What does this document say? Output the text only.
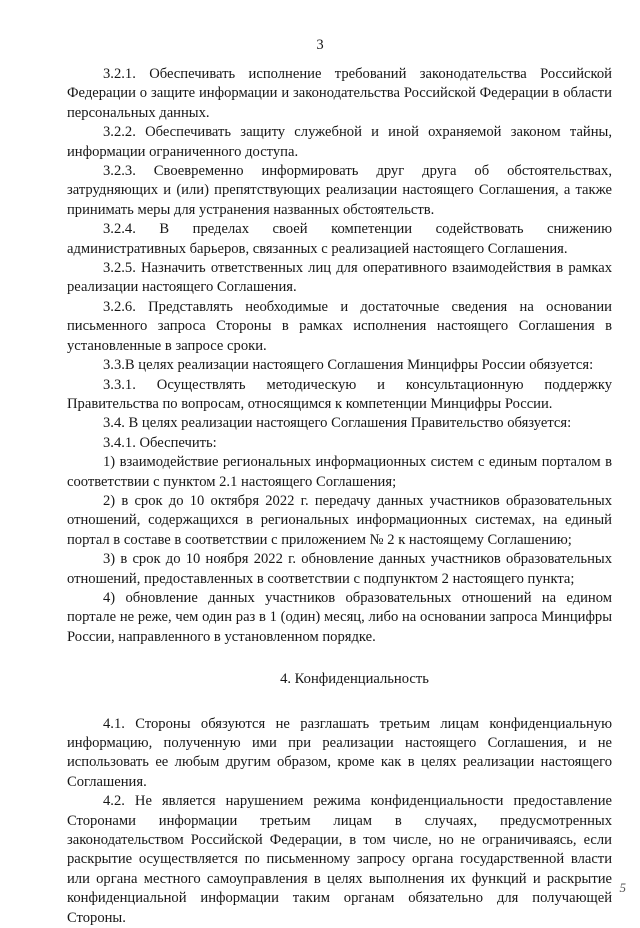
3

3.2.1. Обеспечивать исполнение требований законодательства Российской Федерации о защите информации и законодательства Российской Федерации в области персональных данных.

3.2.2. Обеспечивать защиту служебной и иной охраняемой законом тайны, информации ограниченного доступа.

3.2.3. Своевременно информировать друг друга об обстоятельствах, затрудняющих и (или) препятствующих реализации настоящего Соглашения, а также принимать меры для устранения названных обстоятельств.

3.2.4. В пределах своей компетенции содействовать снижению административных барьеров, связанных с реализацией настоящего Соглашения.

3.2.5. Назначить ответственных лиц для оперативного взаимодействия в рамках реализации настоящего Соглашения.

3.2.6. Представлять необходимые и достаточные сведения на основании письменного запроса Стороны в рамках исполнения настоящего Соглашения в установленные в запросе сроки.

3.3.В целях реализации настоящего Соглашения Минцифры России обязуется:

3.3.1. Осуществлять методическую и консультационную поддержку Правительства по вопросам, относящимся к компетенции Минцифры России.

3.4. В целях реализации настоящего Соглашения Правительство обязуется:

3.4.1. Обеспечить:

1) взаимодействие региональных информационных систем с единым порталом в соответствии с пунктом 2.1 настоящего Соглашения;

2) в срок до 10 октября 2022 г. передачу данных участников образовательных отношений, содержащихся в региональных информационных системах, на единый портал в составе в соответствии с приложением № 2 к настоящему Соглашению;

3) в срок до 10 ноября 2022 г. обновление данных участников образовательных отношений, предоставленных в соответствии с подпунктом 2 настоящего пункта;

4) обновление данных участников образовательных отношений на едином портале не реже, чем один раз в 1 (один) месяц, либо на основании запроса Минцифры России, направленного в установленном порядке.

4. Конфиденциальность

4.1. Стороны обязуются не разглашать третьим лицам конфиденциальную информацию, полученную ими при реализации настоящего Соглашения, и не использовать ее любым другим образом, кроме как в целях реализации настоящего Соглашения.

4.2. Не является нарушением режима конфиденциальности предоставление Сторонами информации третьим лицам в случаях, предусмотренных законодательством Российской Федерации, в том числе, но не ограничиваясь, если раскрытие осуществляется по письменному запросу органа государственной власти или органа местного самоуправления в целях выполнения их функций и раскрытие конфиденциальной информации таким органам обязательно для получающей Стороны.

5
